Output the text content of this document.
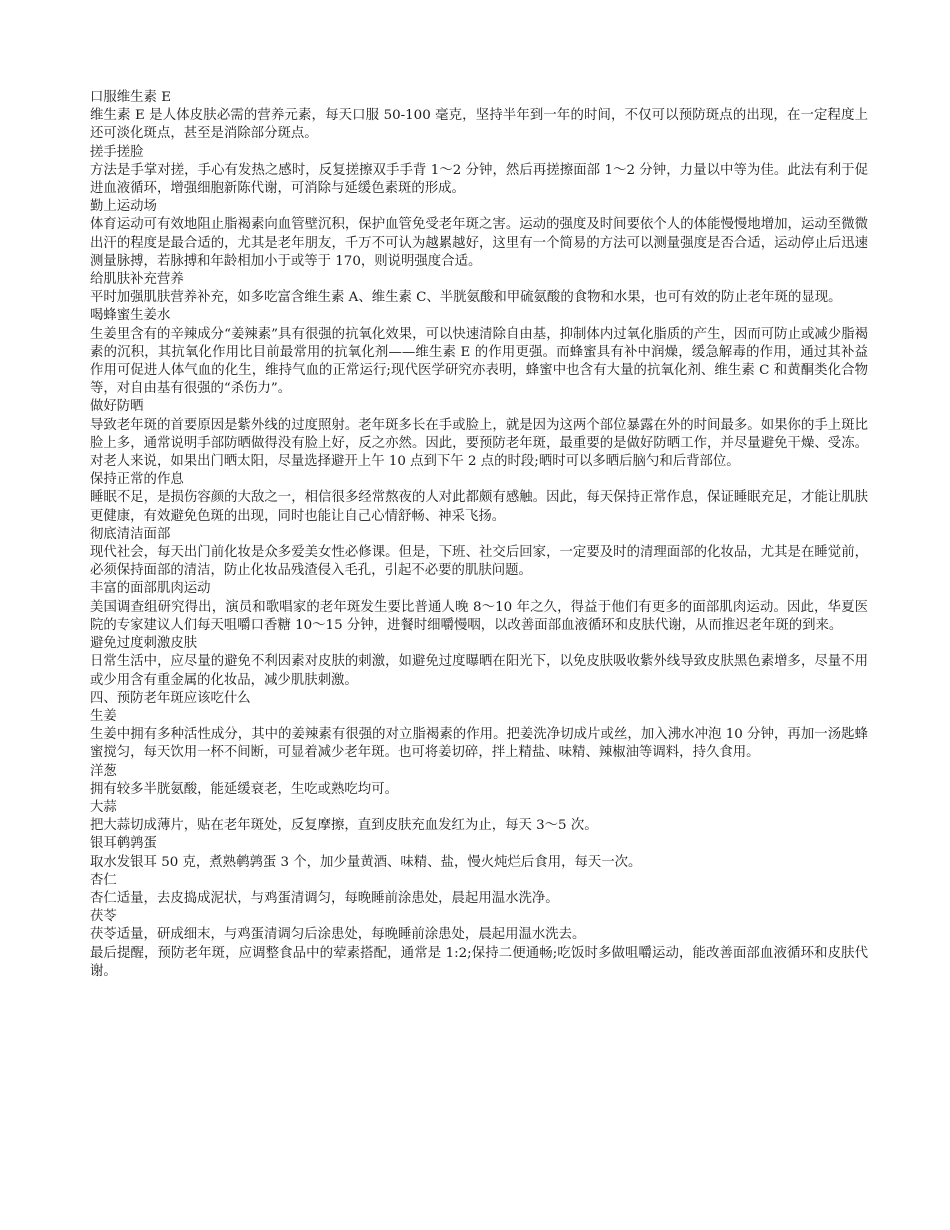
口服维生素 E

维生素 E 是人体皮肤必需的营养元素，每天口服 50-100 毫克，坚持半年到一年的时间，不仅可以预防斑点的出现，在一定程度上还可淡化斑点，甚至是消除部分斑点。

搓手搓脸

方法是手掌对搓，手心有发热之感时，反复搓擦双手手背 1～2 分钟，然后再搓擦面部 1～2 分钟，力量以中等为佳。此法有利于促进血液循环，增强细胞新陈代谢，可消除与延缓色素斑的形成。

勤上运动场

体育运动可有效地阻止脂褐素向血管壁沉积，保护血管免受老年斑之害。运动的强度及时间要依个人的体能慢慢地增加，运动至微微出汗的程度是最合适的，尤其是老年朋友，千万不可认为越累越好，这里有一个简易的方法可以测量强度是否合适，运动停止后迅速测量脉搏，若脉搏和年龄相加小于或等于 170，则说明强度合适。

给肌肤补充营养

平时加强肌肤营养补充，如多吃富含维生素 A、维生素 C、半胱氨酸和甲硫氨酸的食物和水果，也可有效的防止老年斑的显现。

喝蜂蜜生姜水

生姜里含有的辛辣成分“姜辣素”具有很强的抗氧化效果，可以快速清除自由基，抑制体内过氧化脂质的产生，因而可防止或减少脂褐素的沉积，其抗氧化作用比目前最常用的抗氧化剂——维生素 E 的作用更强。而蜂蜜具有补中润燥，缓急解毒的作用，通过其补益作用可促进人体气血的化生，维持气血的正常运行;现代医学研究亦表明，蜂蜜中也含有大量的抗氧化剂、维生素 C 和黄酮类化合物等，对自由基有很强的“杀伤力”。

做好防晒

导致老年斑的首要原因是紫外线的过度照射。老年斑多长在手或脸上，就是因为这两个部位暴露在外的时间最多。如果你的手上斑比脸上多，通常说明手部防晒做得没有脸上好，反之亦然。因此，要预防老年斑，最重要的是做好防晒工作，并尽量避免干燥、受冻。对老人来说，如果出门晒太阳，尽量选择避开上午 10 点到下午 2 点的时段;晒时可以多晒后脑勺和后背部位。

保持正常的作息

睡眠不足，是损伤容颜的大敌之一，相信很多经常熬夜的人对此都颇有感触。因此，每天保持正常作息，保证睡眠充足，才能让肌肤更健康，有效避免色斑的出现，同时也能让自己心情舒畅、神采飞扬。

彻底清洁面部

现代社会，每天出门前化妆是众多爱美女性必修课。但是，下班、社交后回家，一定要及时的清理面部的化妆品，尤其是在睡觉前，必须保持面部的清洁，防止化妆品残渣侵入毛孔，引起不必要的肌肤问题。

丰富的面部肌肉运动

美国调查组研究得出，演员和歌唱家的老年斑发生要比普通人晚 8～10 年之久，得益于他们有更多的面部肌肉运动。因此，华夏医院的专家建议人们每天咀嚼口香糖 10～15 分钟，进餐时细嚼慢咽，以改善面部血液循环和皮肤代谢，从而推迟老年斑的到来。

避免过度刺激皮肤

日常生活中，应尽量的避免不利因素对皮肤的刺激，如避免过度曝晒在阳光下，以免皮肤吸收紫外线导致皮肤黑色素增多，尽量不用或少用含有重金属的化妆品，减少肌肤刺激。

四、预防老年斑应该吃什么

生姜

生姜中拥有多种活性成分，其中的姜辣素有很强的对立脂褐素的作用。把姜洗净切成片或丝，加入沸水冲泡 10 分钟，再加一汤匙蜂蜜搅匀，每天饮用一杯不间断，可显着减少老年斑。也可将姜切碎，拌上精盐、味精、辣椒油等调料，持久食用。

洋葱

拥有较多半胱氨酸，能延缓衰老，生吃或熟吃均可。

大蒜

把大蒜切成薄片，贴在老年斑处，反复摩擦，直到皮肤充血发红为止，每天 3～5 次。

银耳鹌鹑蛋

取水发银耳 50 克，煮熟鹌鹑蛋 3 个，加少量黄酒、味精、盐，慢火炖烂后食用，每天一次。

杏仁

杏仁适量，去皮捣成泥状，与鸡蛋清调匀，每晚睡前涂患处，晨起用温水洗净。

茯苓

茯苓适量，研成细末，与鸡蛋清调匀后涂患处，每晚睡前涂患处，晨起用温水洗去。

最后提醒，预防老年斑，应调整食品中的荤素搭配，通常是 1:2;保持二便通畅;吃饭时多做咀嚼运动，能改善面部血液循环和皮肤代谢。
